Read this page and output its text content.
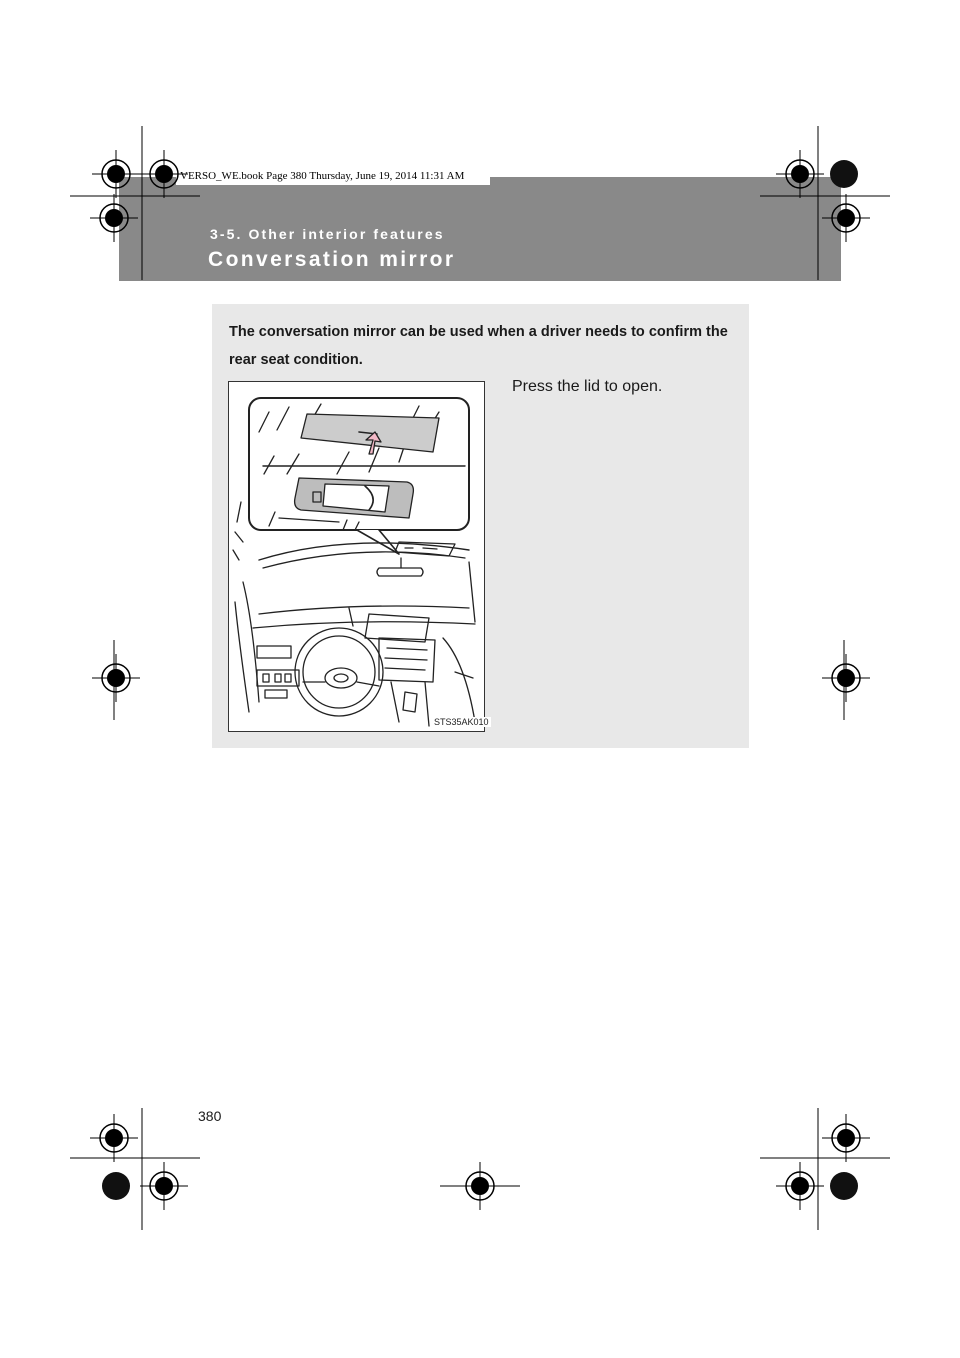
VERSO_WE.book Page 380 Thursday, June 19, 2014 11:31 AM
3-5. Other interior features
Conversation mirror
The conversation mirror can be used when a driver needs to confirm the rear seat condition.
Press the lid to open.
STS35AK010
380
